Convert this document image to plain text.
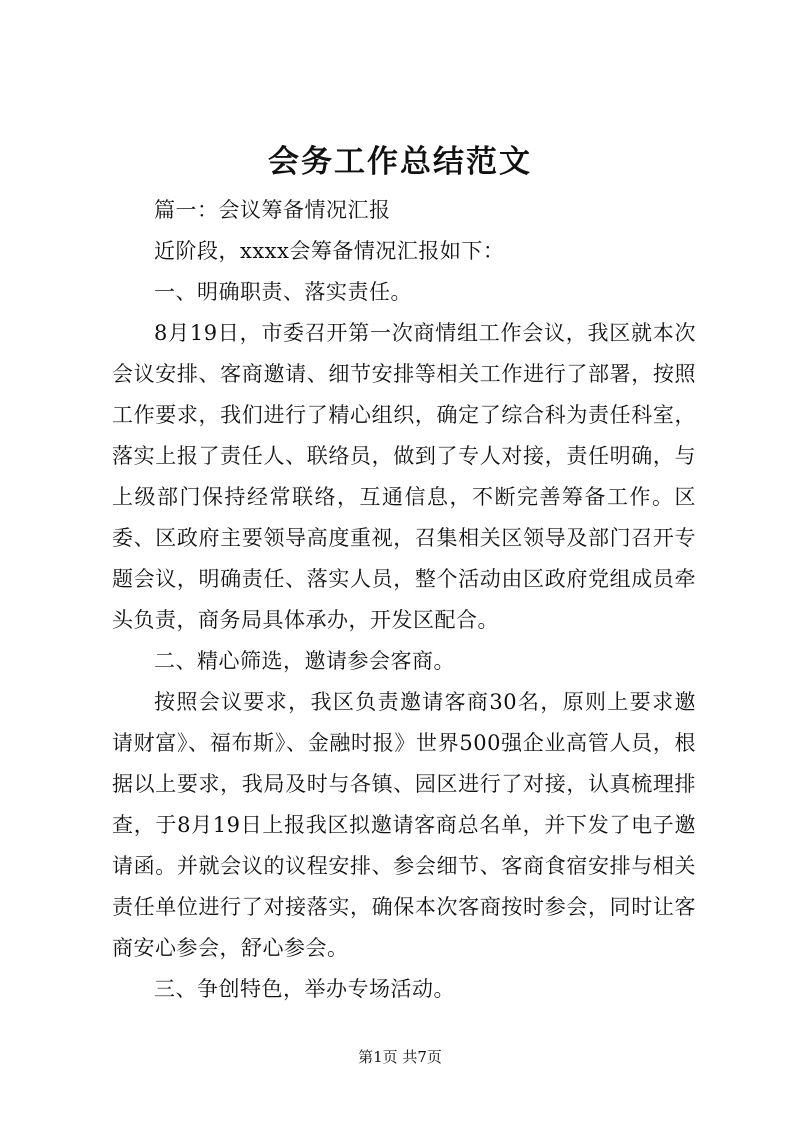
会务工作总结范文

篇一：会议筹备情况汇报

近阶段，xxxx会筹备情况汇报如下：

一、明确职责、落实责任。

8月19日，市委召开第一次商情组工作会议，我区就本次会议安排、客商邀请、细节安排等相关工作进行了部署，按照工作要求，我们进行了精心组织，确定了综合科为责任科室，落实上报了责任人、联络员，做到了专人对接，责任明确，与上级部门保持经常联络，互通信息，不断完善筹备工作。区委、区政府主要领导高度重视，召集相关区领导及部门召开专题会议，明确责任、落实人员，整个活动由区政府党组成员牵头负责，商务局具体承办，开发区配合。

二、精心筛选，邀请参会客商。

按照会议要求，我区负责邀请客商30名，原则上要求邀请财富》、福布斯》、金融时报》世界500强企业高管人员，根据以上要求，我局及时与各镇、园区进行了对接，认真梳理排查，于8月19日上报我区拟邀请客商总名单，并下发了电子邀请函。并就会议的议程安排、参会细节、客商食宿安排与相关责任单位进行了对接落实，确保本次客商按时参会，同时让客商安心参会，舒心参会。

三、争创特色，举办专场活动。

第1页 共7页
